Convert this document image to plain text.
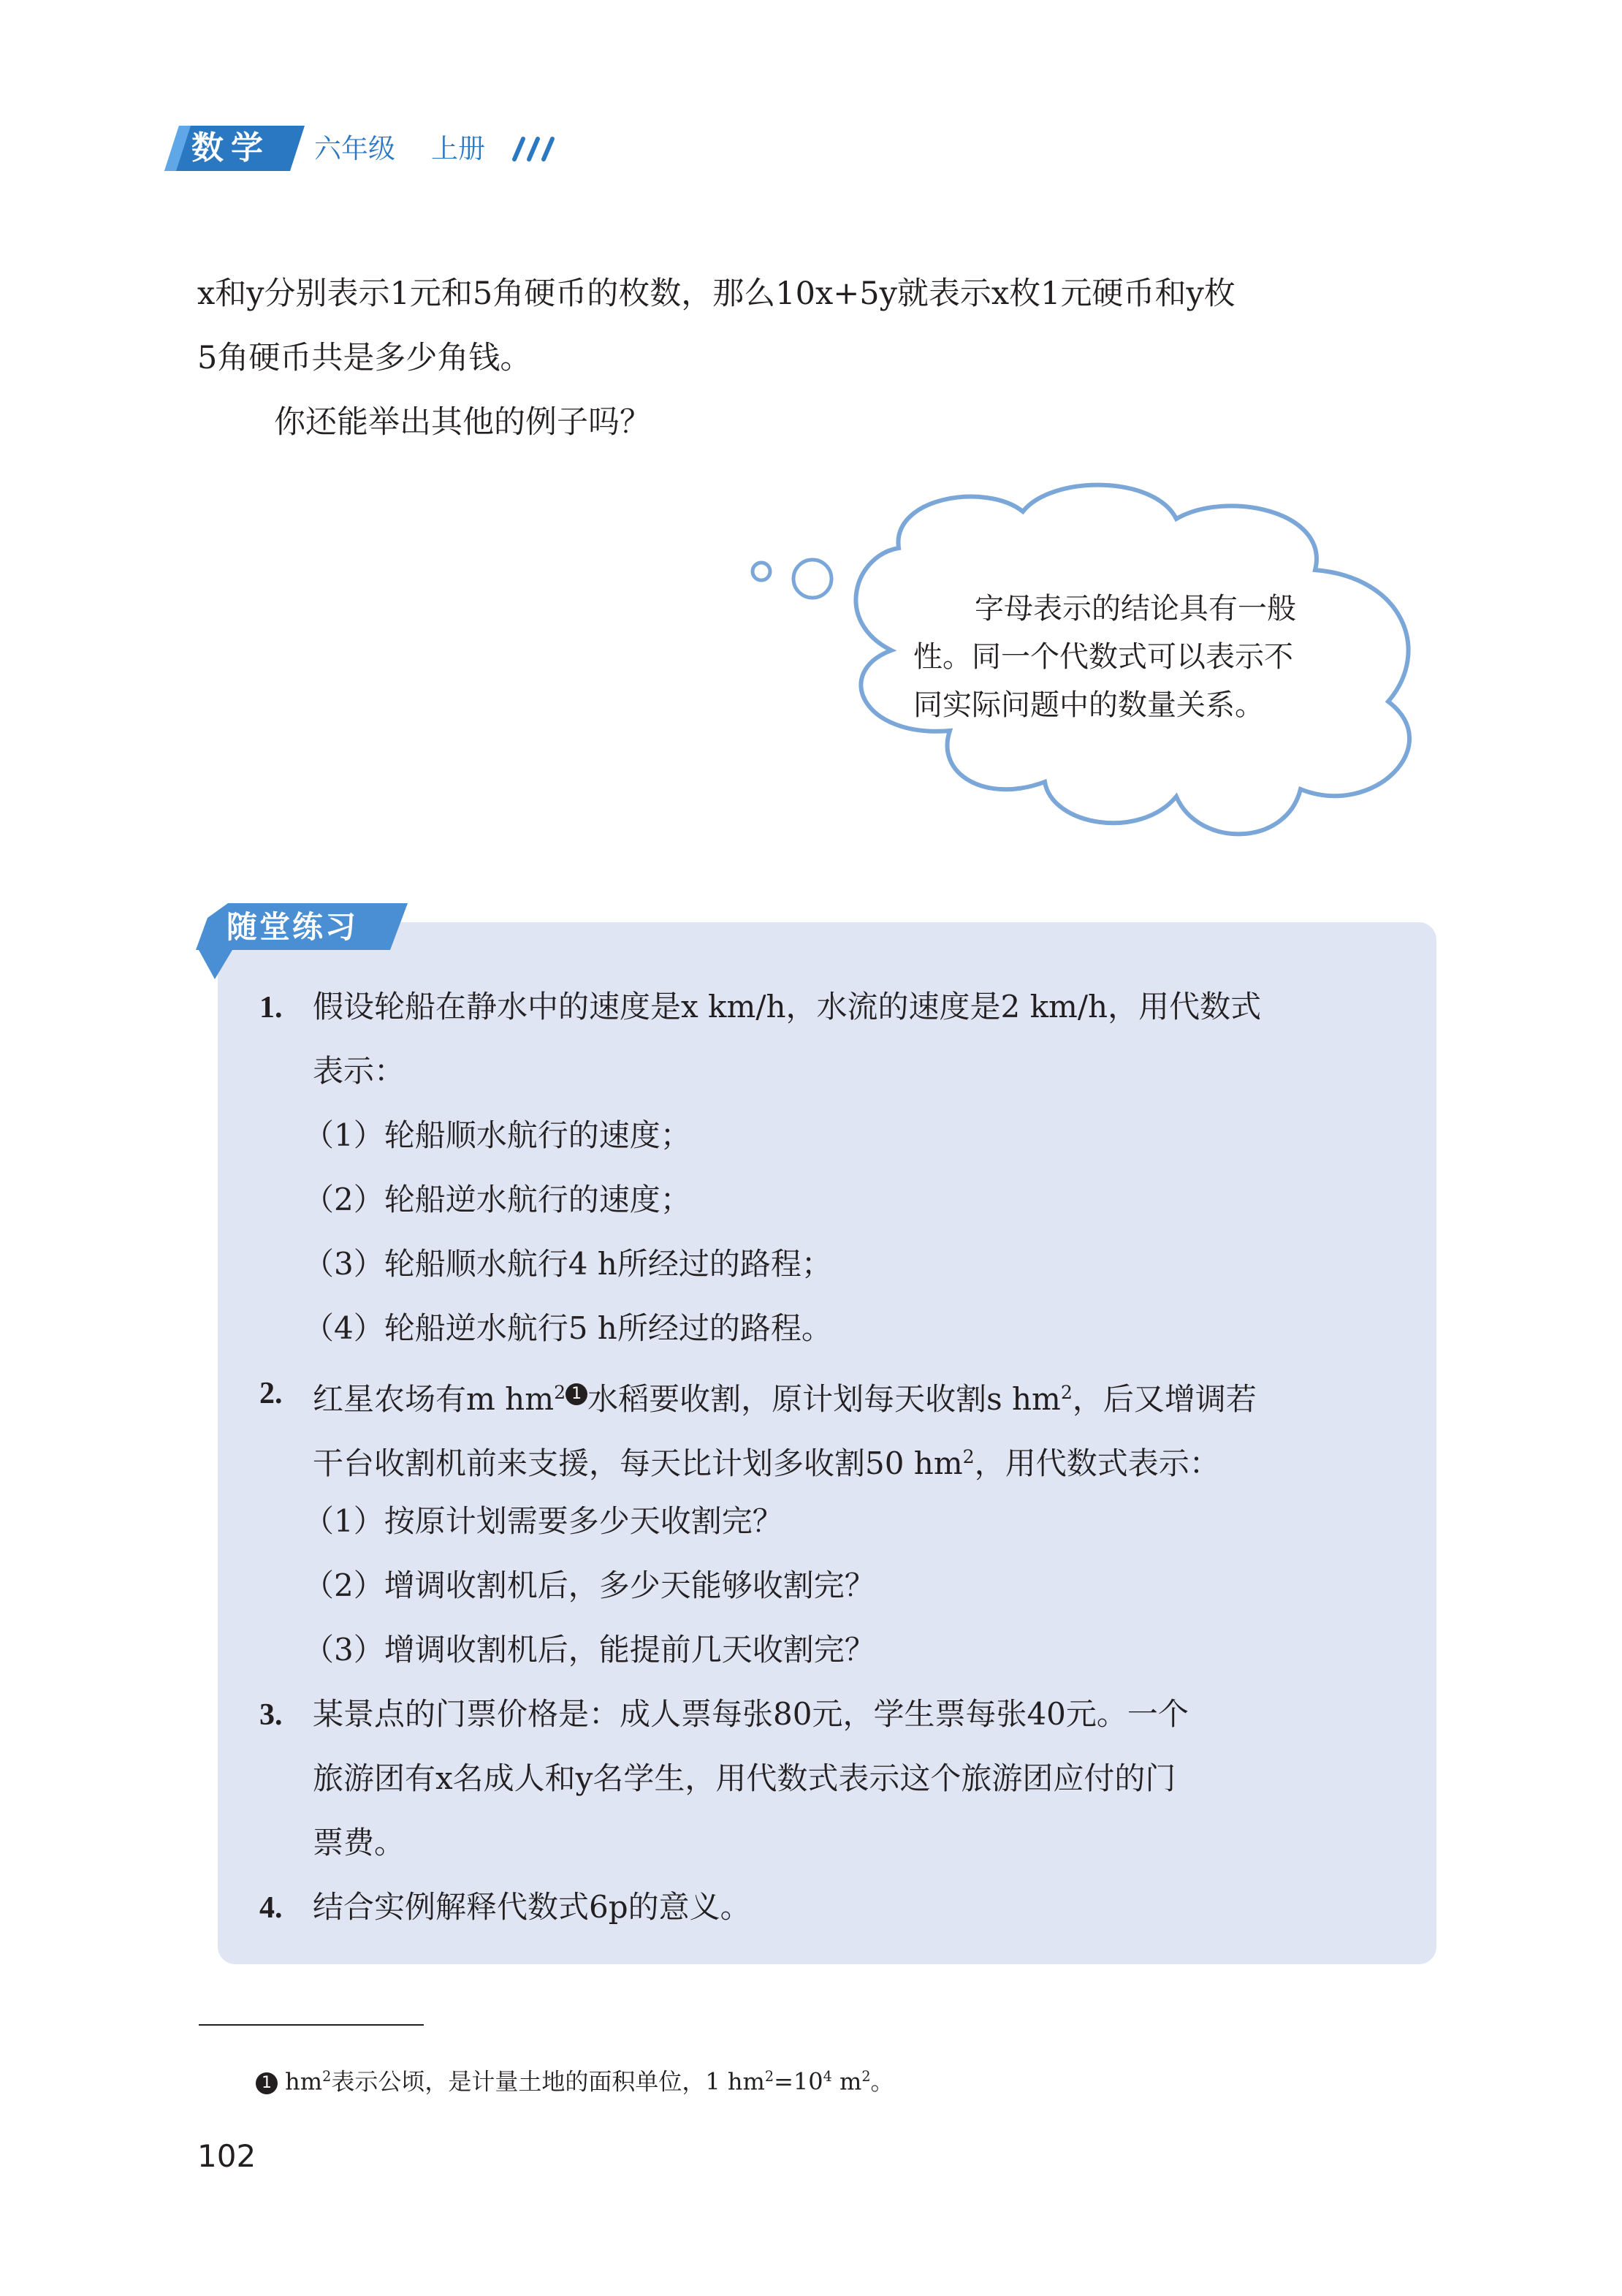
数学 六年级 上册
x和y分别表示1元和5角硬币的枚数，那么10x+5y就表示x枚1元硬币和y枚
5角硬币共是多少角钱。
你还能举出其他的例子吗？
字母表示的结论具有一般
性。同一个代数式可以表示不
同实际问题中的数量关系。
随堂练习
1. 假设轮船在静水中的速度是x km/h，水流的速度是2 km/h，用代数式
表示：
（1）轮船顺水航行的速度；
（2）轮船逆水航行的速度；
（3）轮船顺水航行4 h所经过的路程；
（4）轮船逆水航行5 h所经过的路程。
2. 红星农场有m $hm^2$ 1 水稻要收割，原计划每天收割s $hm^2$，后又增调若
干台收割机前来支援，每天比计划多收割50 $hm^2$，用代数式表示：
（1）按原计划需要多少天收割完？
（2）增调收割机后，多少天能够收割完？
（3）增调收割机后，能提前几天收割完？
3. 某景点的门票价格是：成人票每张80元，学生票每张40元。一个
旅游团有x名成人和y名学生，用代数式表示这个旅游团应付的门
票费。
4. 结合实例解释代数式6p的意义。
1 $hm^2$表示公顷，是计量土地的面积单位，1 $hm^2=10^4$ $m^2$。
102
